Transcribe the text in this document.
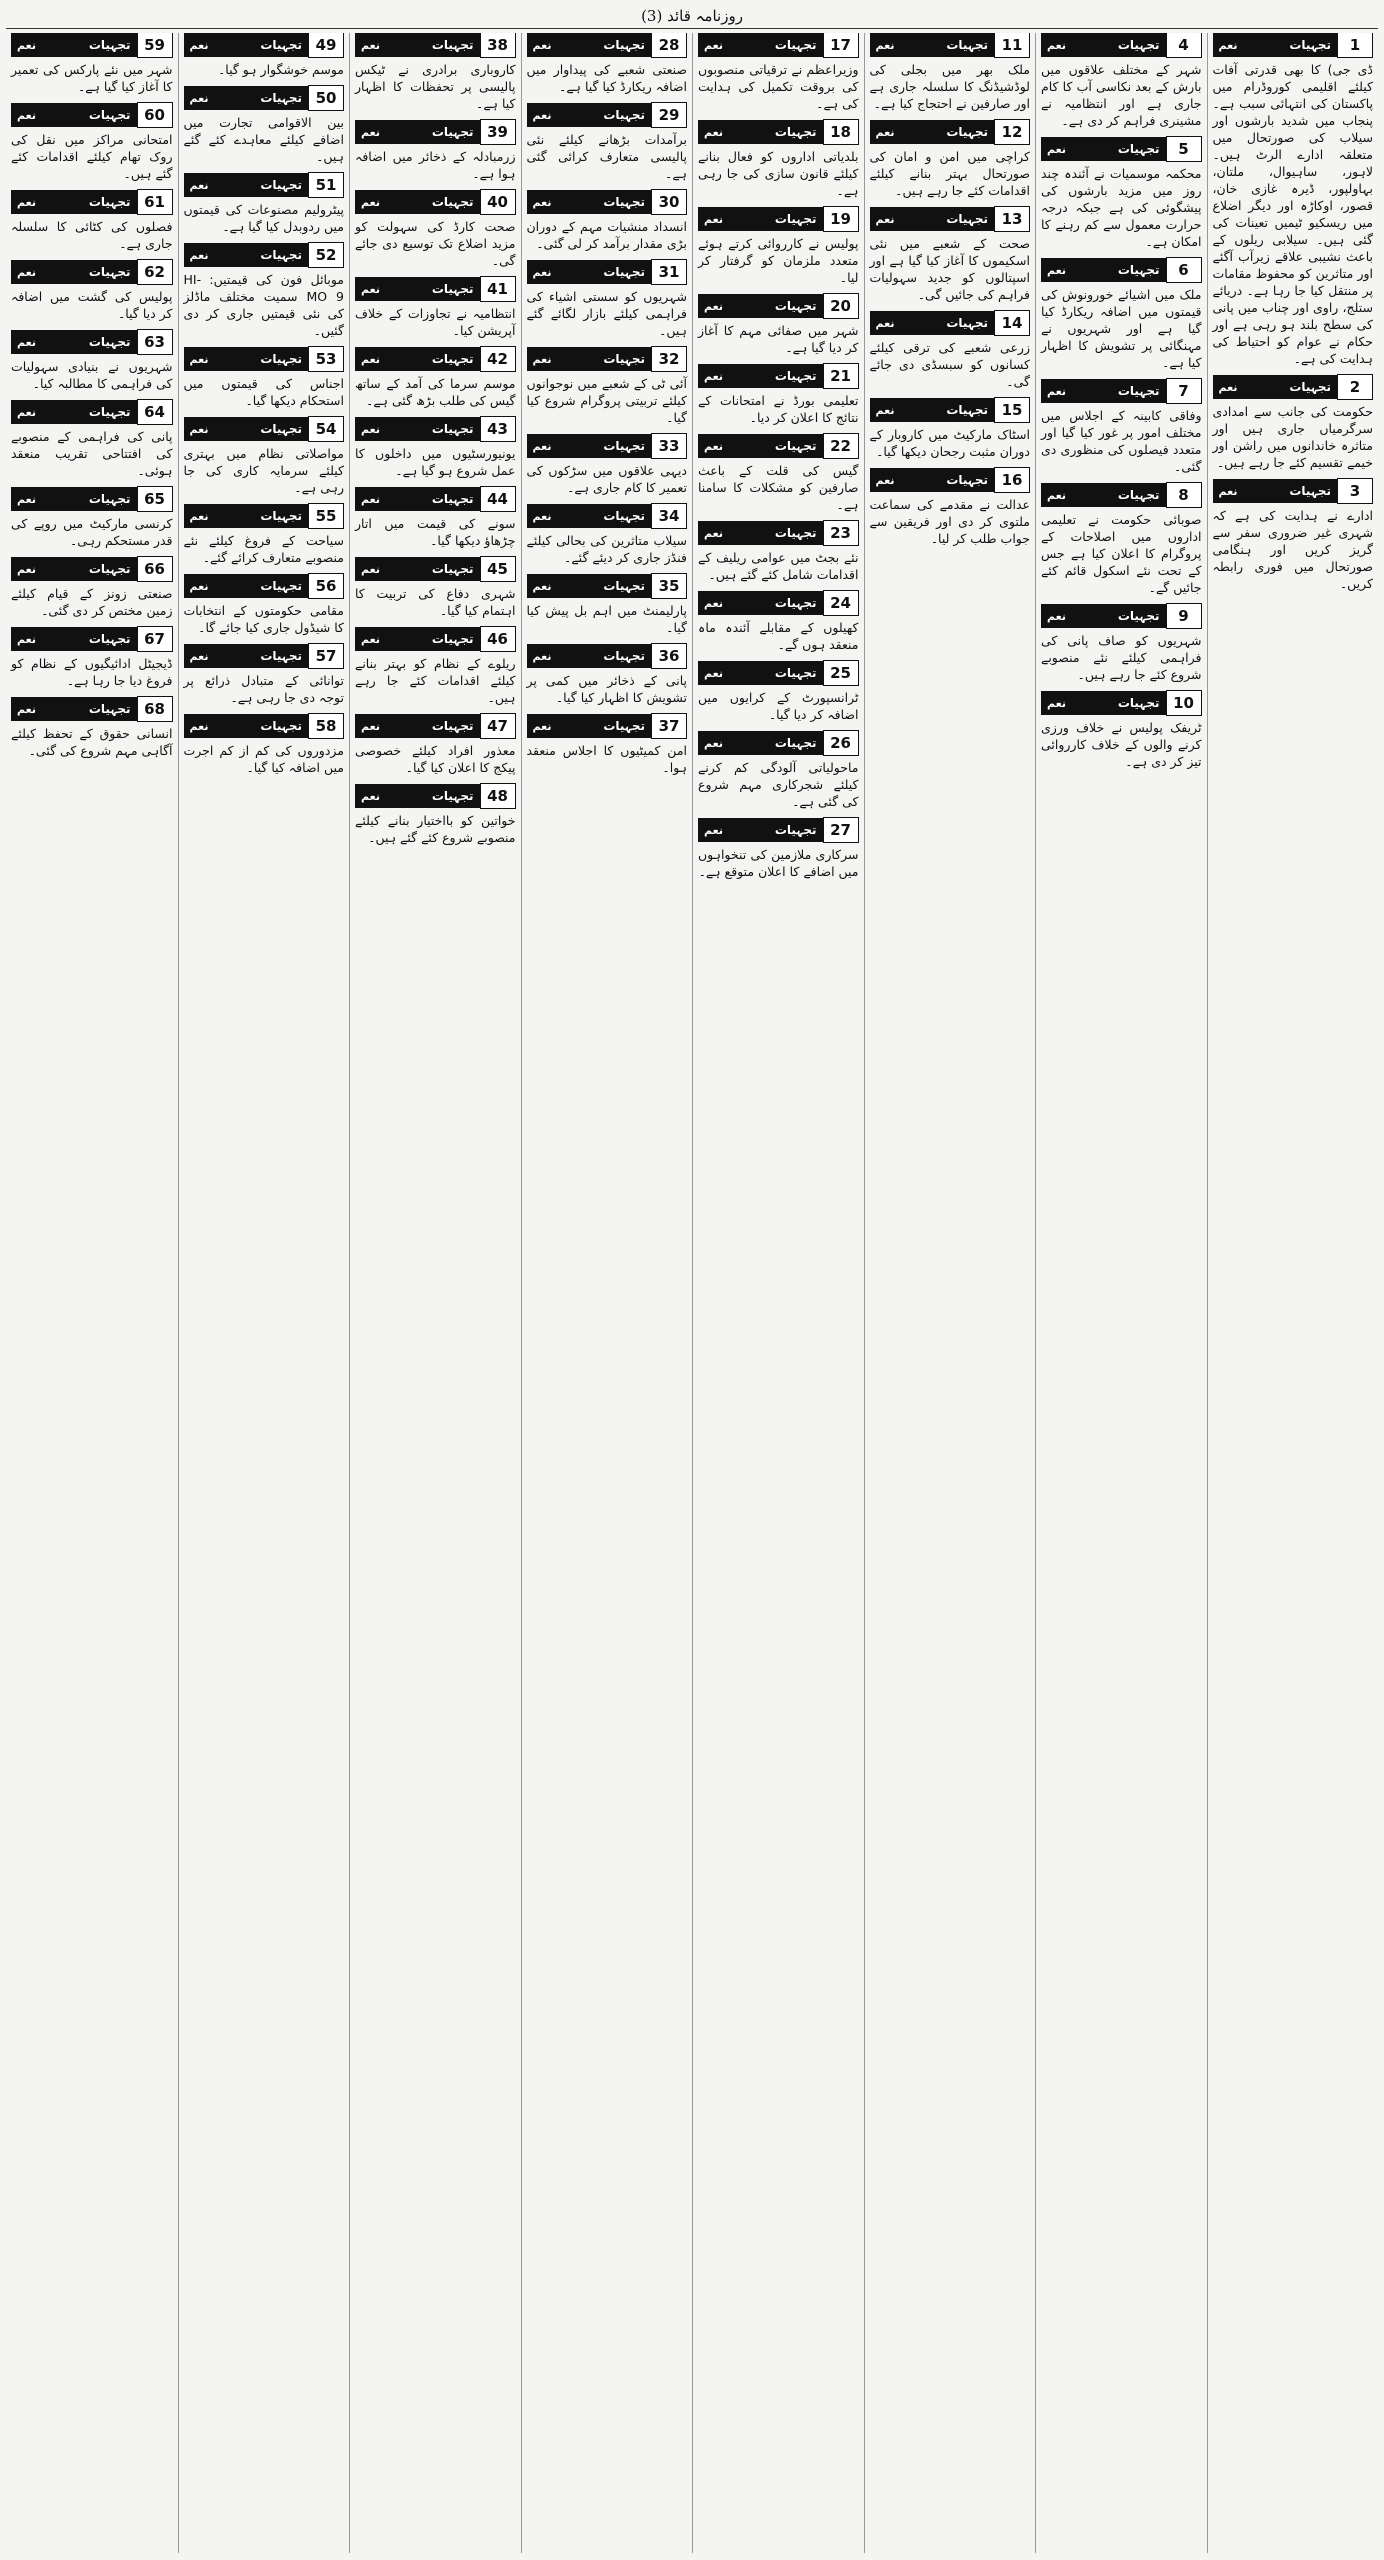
روزنامہ قائد (3)
1
تجہیات
نعم
ڈی جی) کا بھی قدرتی آفات کیلئے اقلیمی کوروڈرام میں پاکستان کی انتہائی سبب ہے۔ پنجاب میں شدید بارشوں اور سیلاب کی صورتحال میں متعلقہ ادارے الرٹ ہیں۔ لاہور، ساہیوال، ملتان، بہاولپور، ڈیرہ غازی خان، قصور، اوکاڑہ اور دیگر اضلاع میں ریسکیو ٹیمیں تعینات کی گئی ہیں۔ سیلابی ریلوں کے باعث نشیبی علاقے زیرآب آگئے اور متاثرین کو محفوظ مقامات پر منتقل کیا جا رہا ہے۔ دریائے ستلج، راوی اور چناب میں پانی کی سطح بلند ہو رہی ہے اور حکام نے عوام کو احتیاط کی ہدایت کی ہے۔
2
تجہیات
نعم
حکومت کی جانب سے امدادی سرگرمیاں جاری ہیں اور متاثرہ خاندانوں میں راشن اور خیمے تقسیم کئے جا رہے ہیں۔
3
تجہیات
نعم
ادارے نے ہدایت کی ہے کہ شہری غیر ضروری سفر سے گریز کریں اور ہنگامی صورتحال میں فوری رابطہ کریں۔
4
تجہیات
نعم
شہر کے مختلف علاقوں میں بارش کے بعد نکاسی آب کا کام جاری ہے اور انتظامیہ نے مشینری فراہم کر دی ہے۔
5
تجہیات
نعم
محکمہ موسمیات نے آئندہ چند روز میں مزید بارشوں کی پیشگوئی کی ہے جبکہ درجہ حرارت معمول سے کم رہنے کا امکان ہے۔
6
تجہیات
نعم
ملک میں اشیائے خورونوش کی قیمتوں میں اضافہ ریکارڈ کیا گیا ہے اور شہریوں نے مہنگائی پر تشویش کا اظہار کیا ہے۔
7
تجہیات
نعم
وفاقی کابینہ کے اجلاس میں مختلف امور پر غور کیا گیا اور متعدد فیصلوں کی منظوری دی گئی۔
8
تجہیات
نعم
صوبائی حکومت نے تعلیمی اداروں میں اصلاحات کے پروگرام کا اعلان کیا ہے جس کے تحت نئے اسکول قائم کئے جائیں گے۔
9
تجہیات
نعم
شہریوں کو صاف پانی کی فراہمی کیلئے نئے منصوبے شروع کئے جا رہے ہیں۔
10
تجہیات
نعم
ٹریفک پولیس نے خلاف ورزی کرنے والوں کے خلاف کارروائی تیز کر دی ہے۔
11
تجہیات
نعم
ملک بھر میں بجلی کی لوڈشیڈنگ کا سلسلہ جاری ہے اور صارفین نے احتجاج کیا ہے۔
12
تجہیات
نعم
کراچی میں امن و امان کی صورتحال بہتر بنانے کیلئے اقدامات کئے جا رہے ہیں۔
13
تجہیات
نعم
صحت کے شعبے میں نئی اسکیموں کا آغاز کیا گیا ہے اور اسپتالوں کو جدید سہولیات فراہم کی جائیں گی۔
14
تجہیات
نعم
زرعی شعبے کی ترقی کیلئے کسانوں کو سبسڈی دی جائے گی۔
15
تجہیات
نعم
اسٹاک مارکیٹ میں کاروبار کے دوران مثبت رجحان دیکھا گیا۔
16
تجہیات
نعم
عدالت نے مقدمے کی سماعت ملتوی کر دی اور فریقین سے جواب طلب کر لیا۔
17
تجہیات
نعم
وزیراعظم نے ترقیاتی منصوبوں کی بروقت تکمیل کی ہدایت کی ہے۔
18
تجہیات
نعم
بلدیاتی اداروں کو فعال بنانے کیلئے قانون سازی کی جا رہی ہے۔
19
تجہیات
نعم
پولیس نے کارروائی کرتے ہوئے متعدد ملزمان کو گرفتار کر لیا۔
20
تجہیات
نعم
شہر میں صفائی مہم کا آغاز کر دیا گیا ہے۔
21
تجہیات
نعم
تعلیمی بورڈ نے امتحانات کے نتائج کا اعلان کر دیا۔
22
تجہیات
نعم
گیس کی قلت کے باعث صارفین کو مشکلات کا سامنا ہے۔
23
تجہیات
نعم
نئے بجٹ میں عوامی ریلیف کے اقدامات شامل کئے گئے ہیں۔
24
تجہیات
نعم
کھیلوں کے مقابلے آئندہ ماہ منعقد ہوں گے۔
25
تجہیات
نعم
ٹرانسپورٹ کے کرایوں میں اضافہ کر دیا گیا۔
26
تجہیات
نعم
ماحولیاتی آلودگی کم کرنے کیلئے شجرکاری مہم شروع کی گئی ہے۔
27
تجہیات
نعم
سرکاری ملازمین کی تنخواہوں میں اضافے کا اعلان متوقع ہے۔
28
تجہیات
نعم
صنعتی شعبے کی پیداوار میں اضافہ ریکارڈ کیا گیا ہے۔
29
تجہیات
نعم
برآمدات بڑھانے کیلئے نئی پالیسی متعارف کرائی گئی ہے۔
30
تجہیات
نعم
انسداد منشیات مہم کے دوران بڑی مقدار برآمد کر لی گئی۔
31
تجہیات
نعم
شہریوں کو سستی اشیاء کی فراہمی کیلئے بازار لگائے گئے ہیں۔
32
تجہیات
نعم
آئی ٹی کے شعبے میں نوجوانوں کیلئے تربیتی پروگرام شروع کیا گیا۔
33
تجہیات
نعم
دیہی علاقوں میں سڑکوں کی تعمیر کا کام جاری ہے۔
34
تجہیات
نعم
سیلاب متاثرین کی بحالی کیلئے فنڈز جاری کر دیئے گئے۔
35
تجہیات
نعم
پارلیمنٹ میں اہم بل پیش کیا گیا۔
36
تجہیات
نعم
پانی کے ذخائر میں کمی پر تشویش کا اظہار کیا گیا۔
37
تجہیات
نعم
امن کمیٹیوں کا اجلاس منعقد ہوا۔
38
تجہیات
نعم
کاروباری برادری نے ٹیکس پالیسی پر تحفظات کا اظہار کیا ہے۔
39
تجہیات
نعم
زرمبادلہ کے ذخائر میں اضافہ ہوا ہے۔
40
تجہیات
نعم
صحت کارڈ کی سہولت کو مزید اضلاع تک توسیع دی جائے گی۔
41
تجہیات
نعم
انتظامیہ نے تجاوزات کے خلاف آپریشن کیا۔
42
تجہیات
نعم
موسم سرما کی آمد کے ساتھ گیس کی طلب بڑھ گئی ہے۔
43
تجہیات
نعم
یونیورسٹیوں میں داخلوں کا عمل شروع ہو گیا ہے۔
44
تجہیات
نعم
سونے کی قیمت میں اتار چڑھاؤ دیکھا گیا۔
45
تجہیات
نعم
شہری دفاع کی تربیت کا اہتمام کیا گیا۔
46
تجہیات
نعم
ریلوے کے نظام کو بہتر بنانے کیلئے اقدامات کئے جا رہے ہیں۔
47
تجہیات
نعم
معذور افراد کیلئے خصوصی پیکج کا اعلان کیا گیا۔
48
تجہیات
نعم
خواتین کو بااختیار بنانے کیلئے منصوبے شروع کئے گئے ہیں۔
49
تجہیات
نعم
موسم خوشگوار ہو گیا۔
50
تجہیات
نعم
بین الاقوامی تجارت میں اضافے کیلئے معاہدے کئے گئے ہیں۔
51
تجہیات
نعم
پیٹرولیم مصنوعات کی قیمتوں میں ردوبدل کیا گیا ہے۔
52
تجہیات
نعم
موبائل فون کی قیمتیں: HI-MO 9 سمیت مختلف ماڈلز کی نئی قیمتیں جاری کر دی گئیں۔
53
تجہیات
نعم
اجناس کی قیمتوں میں استحکام دیکھا گیا۔
54
تجہیات
نعم
مواصلاتی نظام میں بہتری کیلئے سرمایہ کاری کی جا رہی ہے۔
55
تجہیات
نعم
سیاحت کے فروغ کیلئے نئے منصوبے متعارف کرائے گئے۔
56
تجہیات
نعم
مقامی حکومتوں کے انتخابات کا شیڈول جاری کیا جائے گا۔
57
تجہیات
نعم
توانائی کے متبادل ذرائع پر توجہ دی جا رہی ہے۔
58
تجہیات
نعم
مزدوروں کی کم از کم اجرت میں اضافہ کیا گیا۔
59
تجہیات
نعم
شہر میں نئے پارکس کی تعمیر کا آغاز کیا گیا ہے۔
60
تجہیات
نعم
امتحانی مراکز میں نقل کی روک تھام کیلئے اقدامات کئے گئے ہیں۔
61
تجہیات
نعم
فصلوں کی کٹائی کا سلسلہ جاری ہے۔
62
تجہیات
نعم
پولیس کی گشت میں اضافہ کر دیا گیا۔
63
تجہیات
نعم
شہریوں نے بنیادی سہولیات کی فراہمی کا مطالبہ کیا۔
64
تجہیات
نعم
پانی کی فراہمی کے منصوبے کی افتتاحی تقریب منعقد ہوئی۔
65
تجہیات
نعم
کرنسی مارکیٹ میں روپے کی قدر مستحکم رہی۔
66
تجہیات
نعم
صنعتی زونز کے قیام کیلئے زمین مختص کر دی گئی۔
67
تجہیات
نعم
ڈیجیٹل ادائیگیوں کے نظام کو فروغ دیا جا رہا ہے۔
68
تجہیات
نعم
انسانی حقوق کے تحفظ کیلئے آگاہی مہم شروع کی گئی۔
